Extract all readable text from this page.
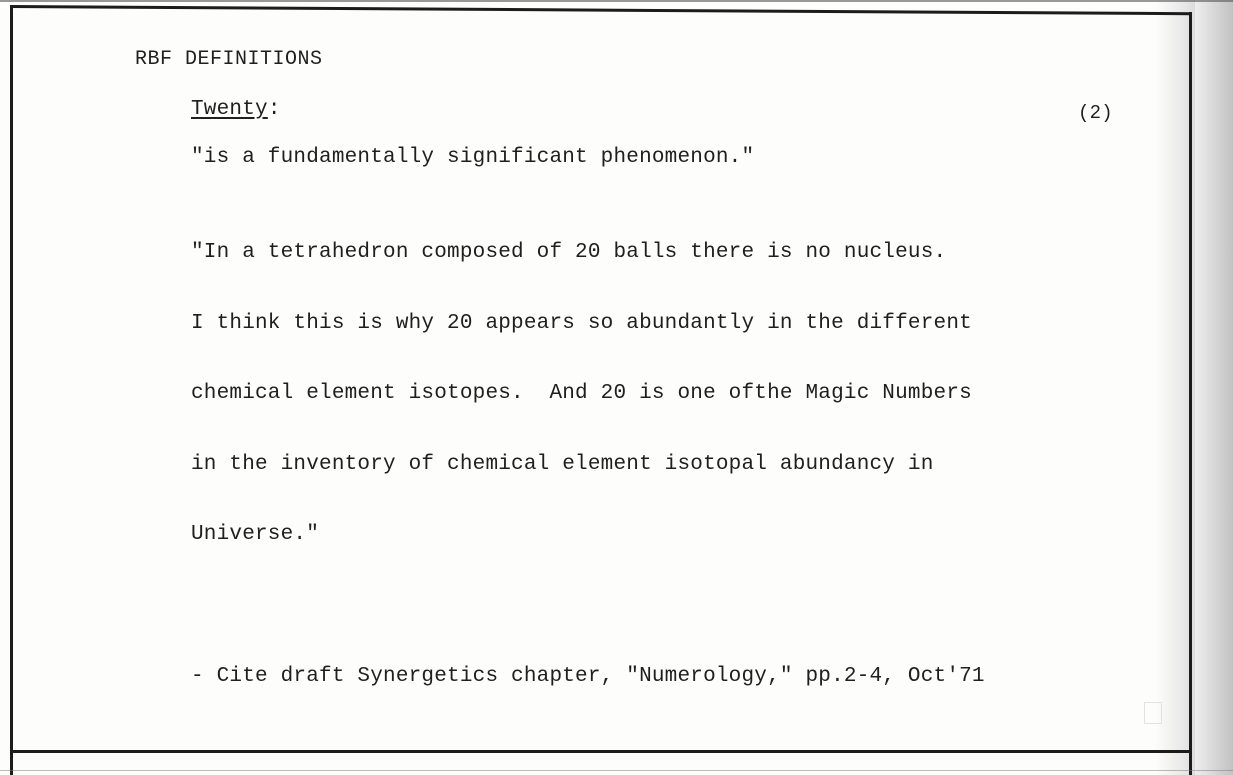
RBF DEFINITIONS

Twenty:	(2)

"is a fundamentally significant phenomenon."

"In a tetrahedron composed of 20 balls there is no nucleus.

I think this is why 20 appears so abundantly in the different

chemical element isotopes.  And 20 is one ofthe Magic Numbers

in the inventory of chemical element isotopal abundancy in

Universe."

- Cite draft Synergetics chapter, "Numerology," pp.2-4, Oct'71
